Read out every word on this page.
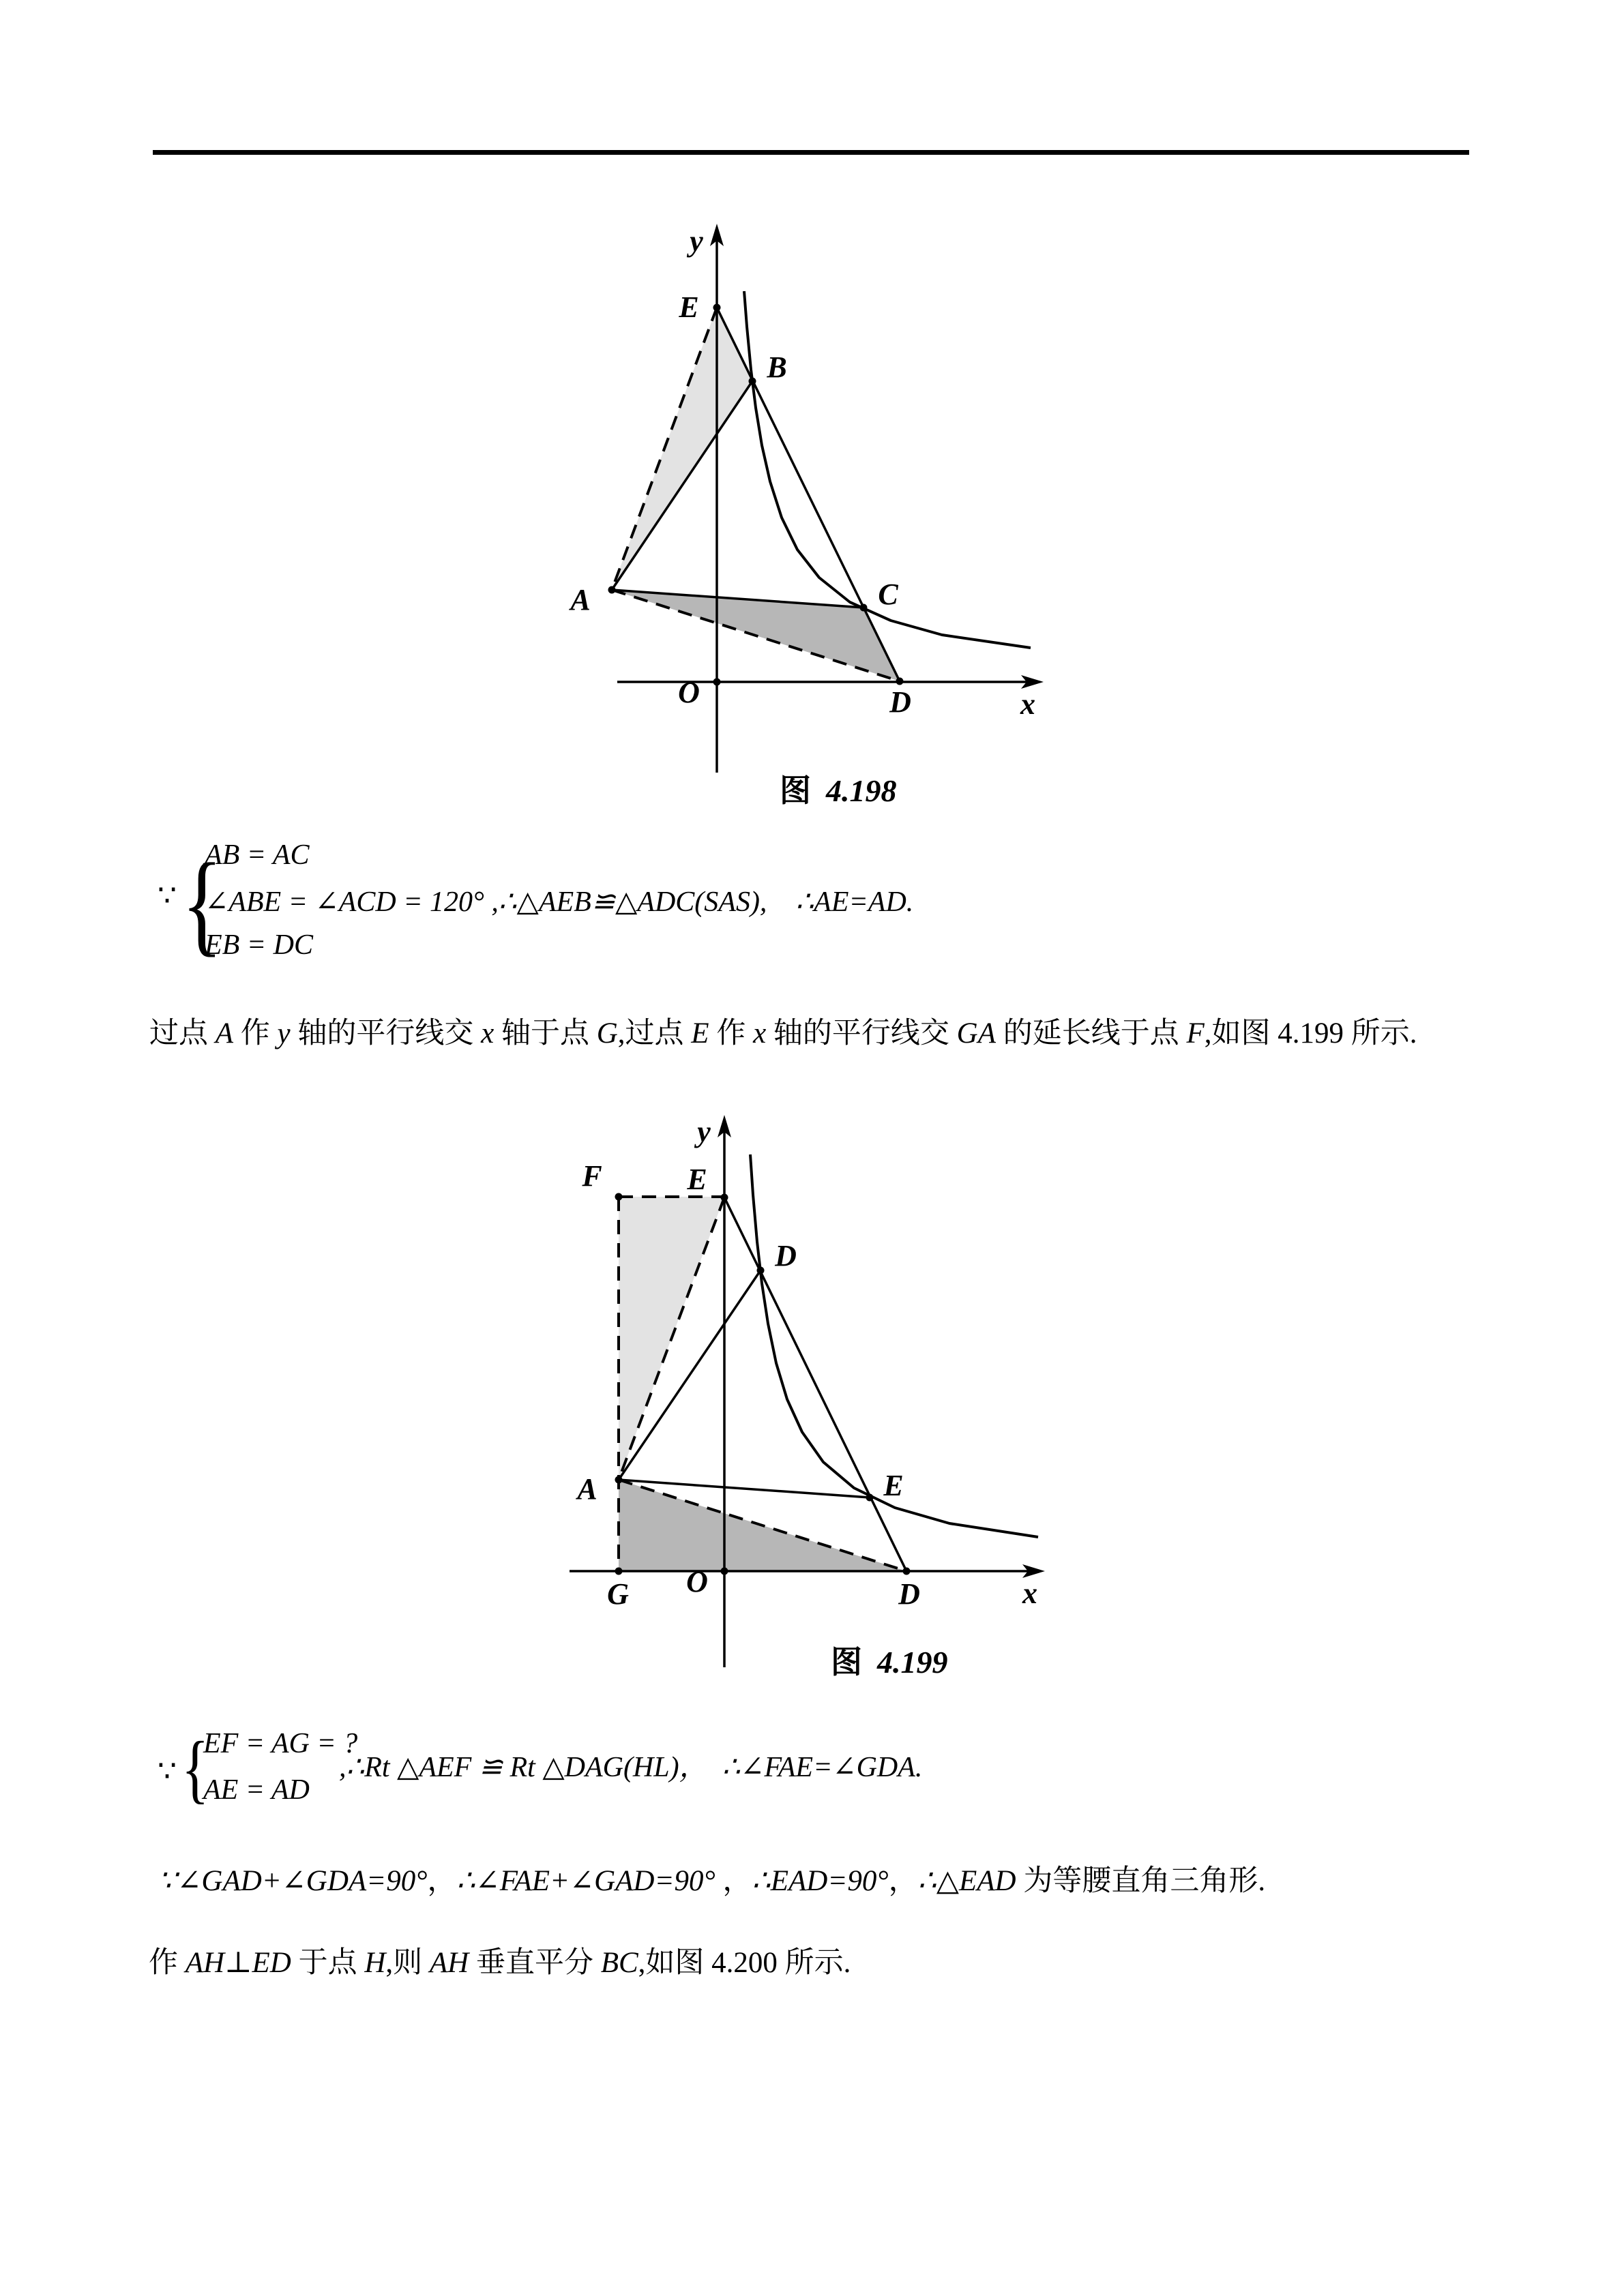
y
E
B
A	C
D
O	x

图 4.198

∵ {
AB = AC
∠ABE = ∠ACD = 120° ,∴△AEB≌△ADC(SAS),　∴AE=AD.
EB = DC
过点 A 作 y 轴的平行线交 x 轴于点 G,过点 E 作 x 轴的平行线交 GA 的延长线于点 F,如图 4.199 所示.
y
F	E
D
A	E
G O	D	x

图 4.199

∵ {
EF = AG = ?
AE = AD
,∴Rt △AEF ≌ Rt △DAG(HL)，　∴∠FAE=∠GDA.
∵∠GAD+∠GDA=90°，∴∠FAE+∠GAD=90° ，∴EAD=90°，∴△EAD 为等腰直角三角形.
作 AH⊥ED 于点 H,则 AH 垂直平分 BC,如图 4.200 所示.
